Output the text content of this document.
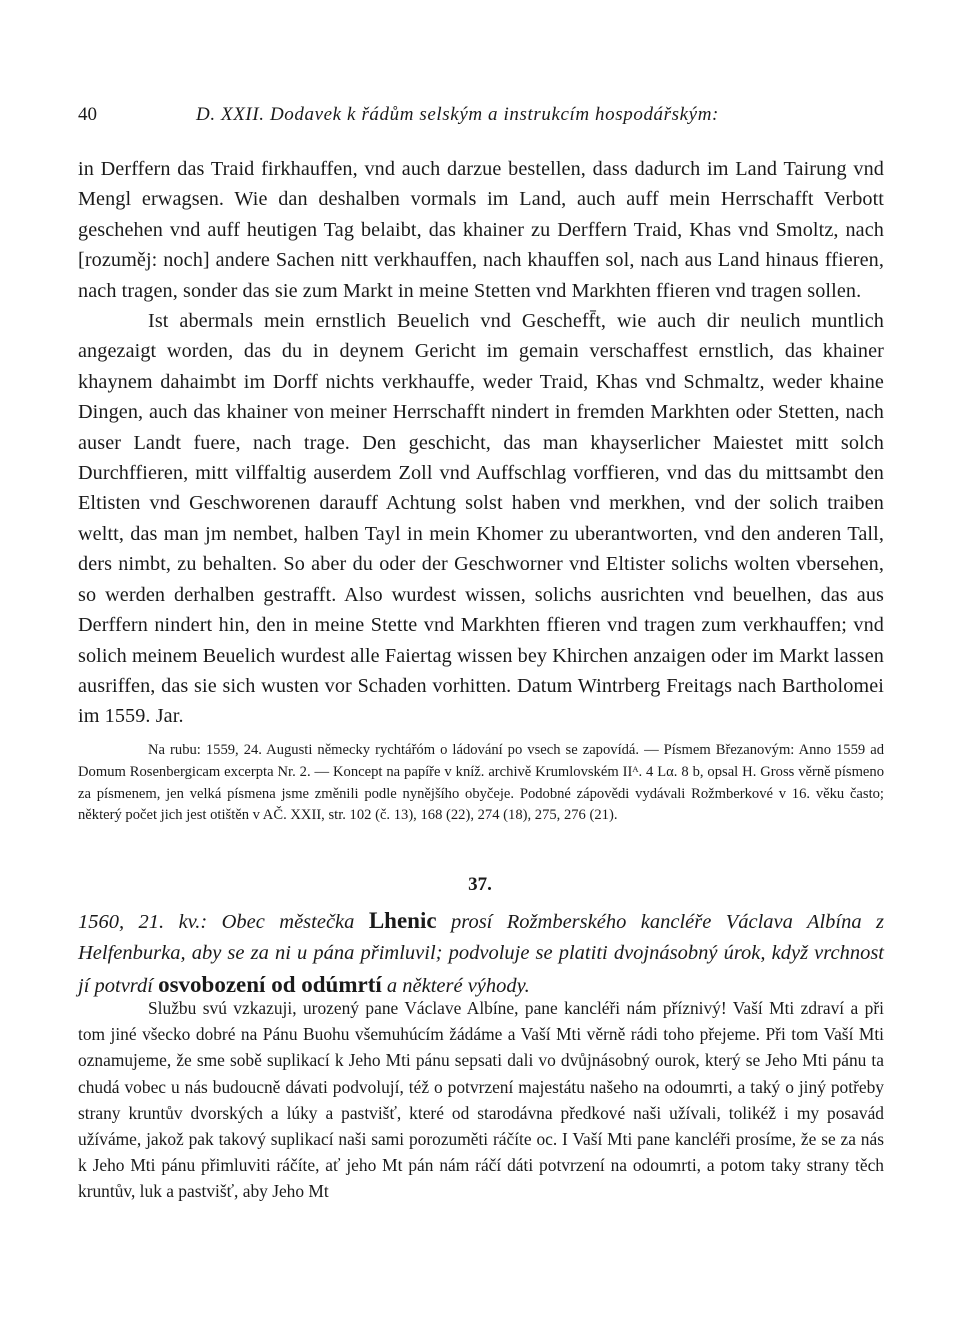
40	D. XXII. Dodavek k řádům selským a instrukcím hospodářským:

in Derffern das Traid firkhauffen, vnd auch darzue bestellen, dass dadurch im Land Tairung vnd Mengl erwagsen. Wie dan deshalben vormals im Land, auch auff mein Herrschafft Verbott geschehen vnd auff heutigen Tag belaibt, das khainer zu Derffern Traid, Khas vnd Smoltz, nach [rozuměj: noch] andere Sachen nitt verkhauffen, nach khauffen sol, nach aus Land hinaus ffieren, nach tragen, sonder das sie zum Markt in meine Stetten vnd Markhten ffieren vnd tragen sollen.

Ist abermals mein ernstlich Beuelich vnd Gescheff̄t, wie auch dir neulich muntlich angezaigt worden, das du in deynem Gericht im gemain verschaffest ernstlich, das khainer khaynem dahaimbt im Dorff nichts verkhauffe, weder Traid, Khas vnd Schmaltz, weder khaine Dingen, auch das khainer von meiner Herrschafft nindert in fremden Markhten oder Stetten, nach auser Landt fuere, nach trage. Den geschicht, das man khayserlicher Maiestet mitt solch Durchffieren, mitt vilffaltig auserdem Zoll vnd Auffschlag vorffieren, vnd das du mittsambt den Eltisten vnd Geschworenen darauff Achtung solst haben vnd merkhen, vnd der solich traiben weltt, das man jm nembet, halben Tayl in mein Khomer zu uberantworten, vnd den anderen Tall, ders nimbt, zu behalten. So aber du oder der Geschworner vnd Eltister solichs wolten vbersehen, so werden derhalben gestrafft. Also wurdest wissen, solichs ausrichten vnd beuelhen, das aus Derffern nindert hin, den in meine Stette vnd Markhten ffieren vnd tragen zum verkhauffen; vnd solich meinem Beuelich wurdest alle Faiertag wissen bey Khirchen anzaigen oder im Markt lassen ausriffen, das sie sich wusten vor Schaden vorhitten. Datum Wintrberg Freitags nach Bartholomei im 1559. Jar.

Na rubu: 1559, 24. Augusti německy rychtářóm o ládování po vsech se zapovídá. — Písmem Březanovým: Anno 1559 ad Domum Rosenbergicam excerpta Nr. 2. — Koncept na papíře v kníž. archivě Krumlovském IIᴬ. 4 Lα. 8 b, opsal H. Gross věrně písmeno za písmenem, jen velká písmena jsme změnili podle nynějšího obyčeje. Podobné zápovědi vydávali Rožmberkové v 16. věku často; některý počet jich jest otištěn v AČ. XXII, str. 102 (č. 13), 168 (22), 274 (18), 275, 276 (21).

37.

1560, 21. kv.: Obec městečka Lhenic prosí Rožmberského kancléře Václava Albína z Helfenburka, aby se za ni u pána přimluvil; podvoluje se platiti dvojnásobný úrok, když vrchnost jí potvrdí osvobození od odúmrtí a některé výhody.

Službu svú vzkazuji, urozený pane Václave Albíne, pane kancléři nám příznivý! Vaší Mti zdraví a při tom jiné všecko dobré na Pánu Buohu všemuhúcím žádáme a Vaší Mti věrně rádi toho přejeme. Při tom Vaší Mti oznamujeme, že sme sobě suplikací k Jeho Mti pánu sepsati dali vo dvůjnásobný ourok, který se Jeho Mti pánu ta chudá vobec u nás budoucně dávati podvolují, též o potvrzení majestátu našeho na odoumrti, a taký o jiný potřeby strany kruntův dvorských a lúky a pastvišť, které od starodávna předkové naši užívali, tolikéž i my posavád užíváme, jakož pak takový suplikací naši sami porozuměti ráčíte oc. I Vaší Mti pane kancléři prosíme, že se za nás k Jeho Mti pánu přimluviti ráčíte, ať jeho Mt pán nám ráčí dáti potvrzení na odoumrti, a potom taky strany těch kruntův, luk a pastvišť, aby Jeho Mt
